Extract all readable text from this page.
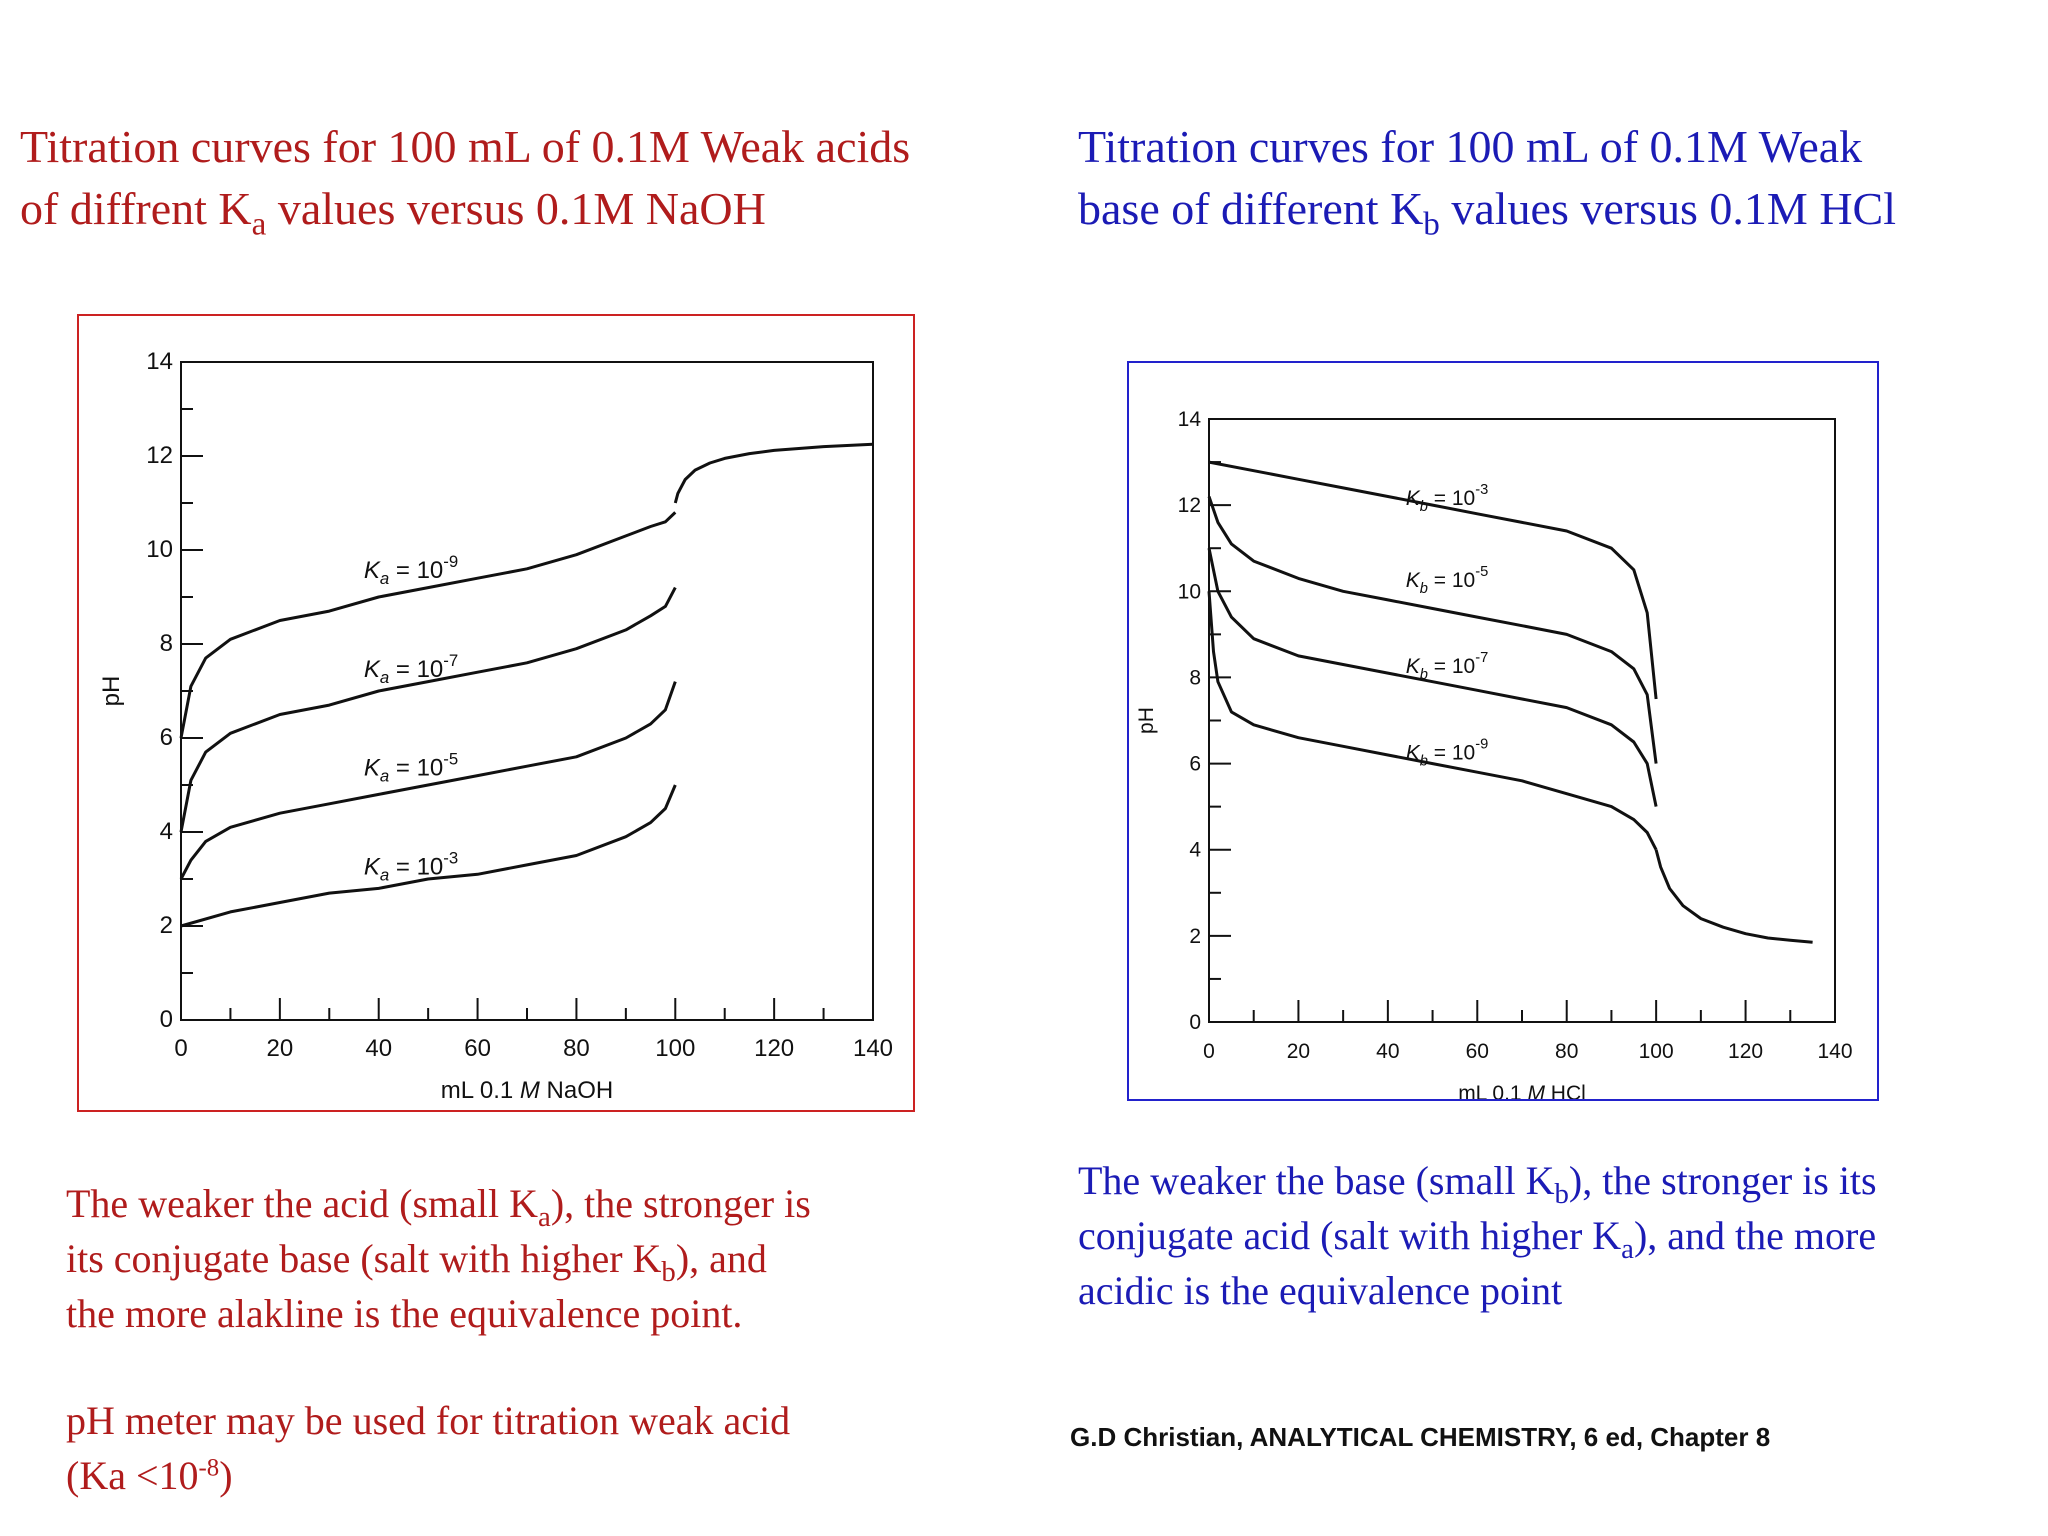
Titration curves for 100 mL of 0.1M Weak acids
of diffrent $K_a$ values versus 0.1M NaOH
Titration curves for 100 mL of 0.1M Weak
base of different $K_b$ values versus 0.1M HCl
0
2
4
6
8
10
12
14
0	20	40	60	80	100 120 140
mL 0.1 M NaOH
pH
$K_a = 10^{-9}$
$K_a = 10^{-7}$
$K_a = 10^{-5}$
$K_a = 10^{-3}$
0
2
4
6
8
10
12
14
0	20	40	60	80	100	120	140
mL 0.1 M HCl
pH
$K_b = 10^{-3}$
$K_b = 10^{-5}$
$K_b = 10^{-7}$
$K_b = 10^{-9}$
The weaker the acid (small $K_a$), the stronger is
its conjugate base (salt with higher $K_b$), and
the more alakline is the equivalence point.
pH meter may be used for titration weak acid
$(Ka <10^{-8})$
The weaker the base (small $K_b$), the stronger is its
conjugate acid (salt with higher $K_a$), and the more
acidic is the equivalence point
G.D Christian, ANALYTICAL CHEMISTRY, 6 ed, Chapter 8
